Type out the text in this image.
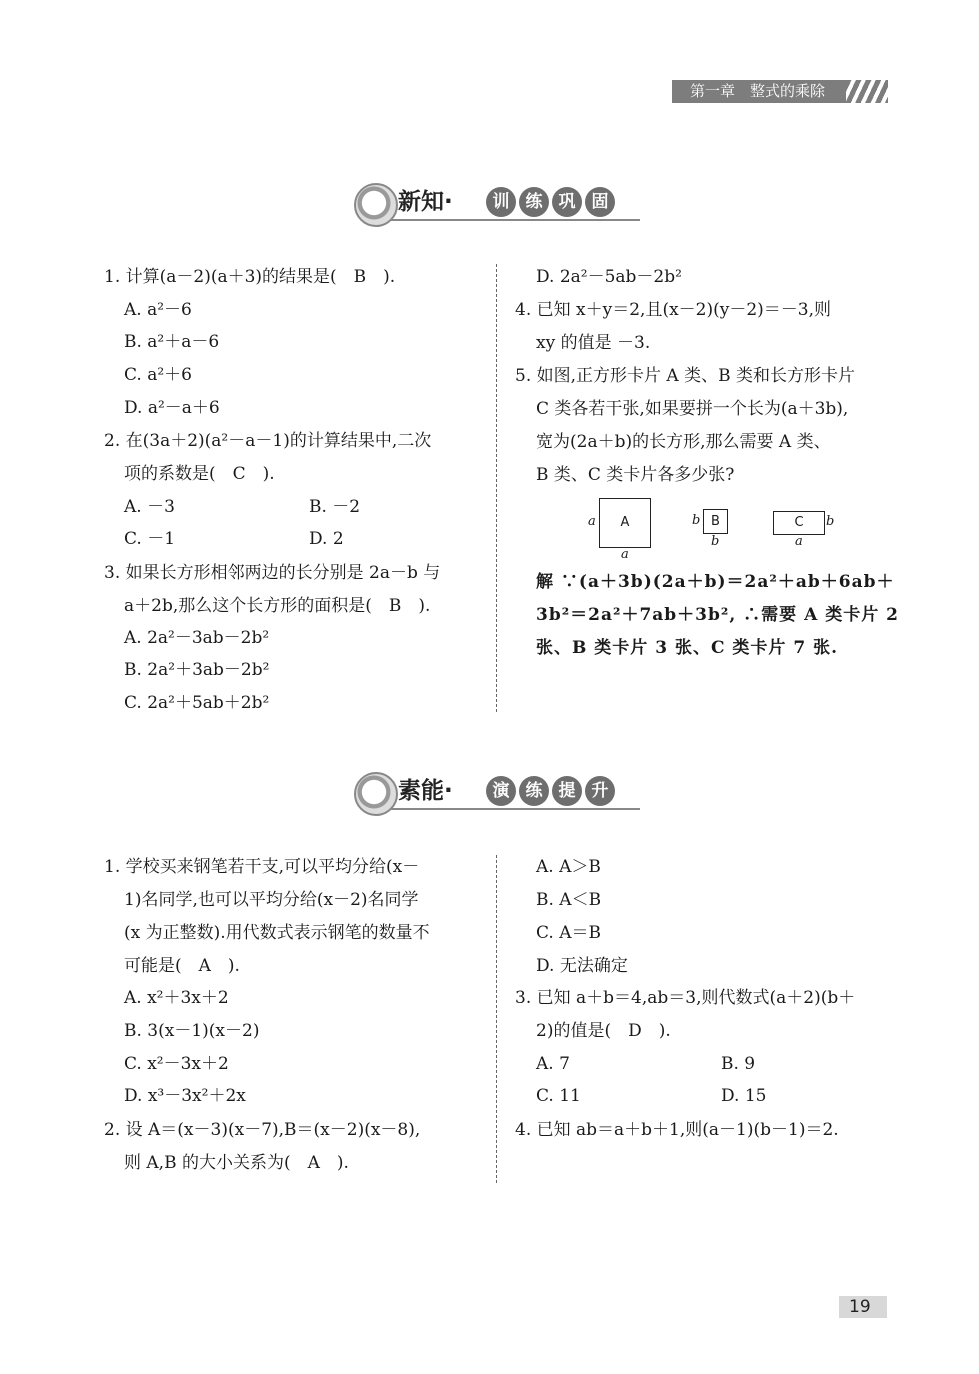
第一章　整式的乘除
新知·	训 练 巩 固
1. 计算(a－2)(a＋3)的结果是(　B　).
A. a²－6
B. a²＋a－6
C. a²＋6
D. a²－a＋6
2. 在(3a＋2)(a²－a－1)的计算结果中,二次
项的系数是(　C　).
A. －3	B. －2
C. －1	D. 2
3. 如果长方形相邻两边的长分别是 2a－b 与
a＋2b,那么这个长方形的面积是(　B　).
A. 2a²－3ab－2b²
B. 2a²＋3ab－2b²
C. 2a²＋5ab＋2b²
D. 2a²－5ab－2b²
4. 已知 x＋y＝2,且(x－2)(y－2)＝－3,则
xy 的值是 －3.
5. 如图,正方形卡片 A 类、B 类和长方形卡片
C 类各若干张,如果要拼一个长为(a＋3b),
宽为(2a＋b)的长方形,那么需要 A 类、
B 类、C 类卡片各多少张?
A
a
a
B
b
b
C	b
a
解 ∵(a＋3b)(2a＋b)＝2a²＋ab＋6ab＋
3b²＝2a²＋7ab＋3b², ∴需要 A 类卡片 2
张、B 类卡片 3 张、C 类卡片 7 张.
素能·	演 练 提 升
1. 学校买来钢笔若干支,可以平均分给(x－
1)名同学,也可以平均分给(x－2)名同学
(x 为正整数).用代数式表示钢笔的数量不
可能是(　A　).
A. x²＋3x＋2
B. 3(x－1)(x－2)
C. x²－3x＋2
D. x³－3x²＋2x
2. 设 A＝(x－3)(x－7),B＝(x－2)(x－8),
则 A,B 的大小关系为(　A　).
A. A＞B
B. A＜B
C. A＝B
D. 无法确定
3. 已知 a＋b＝4,ab＝3,则代数式(a＋2)(b＋
2)的值是(　D　).
A. 7	B. 9
C. 11	D. 15
4. 已知 ab＝a＋b＋1,则(a－1)(b－1)＝2.
19
